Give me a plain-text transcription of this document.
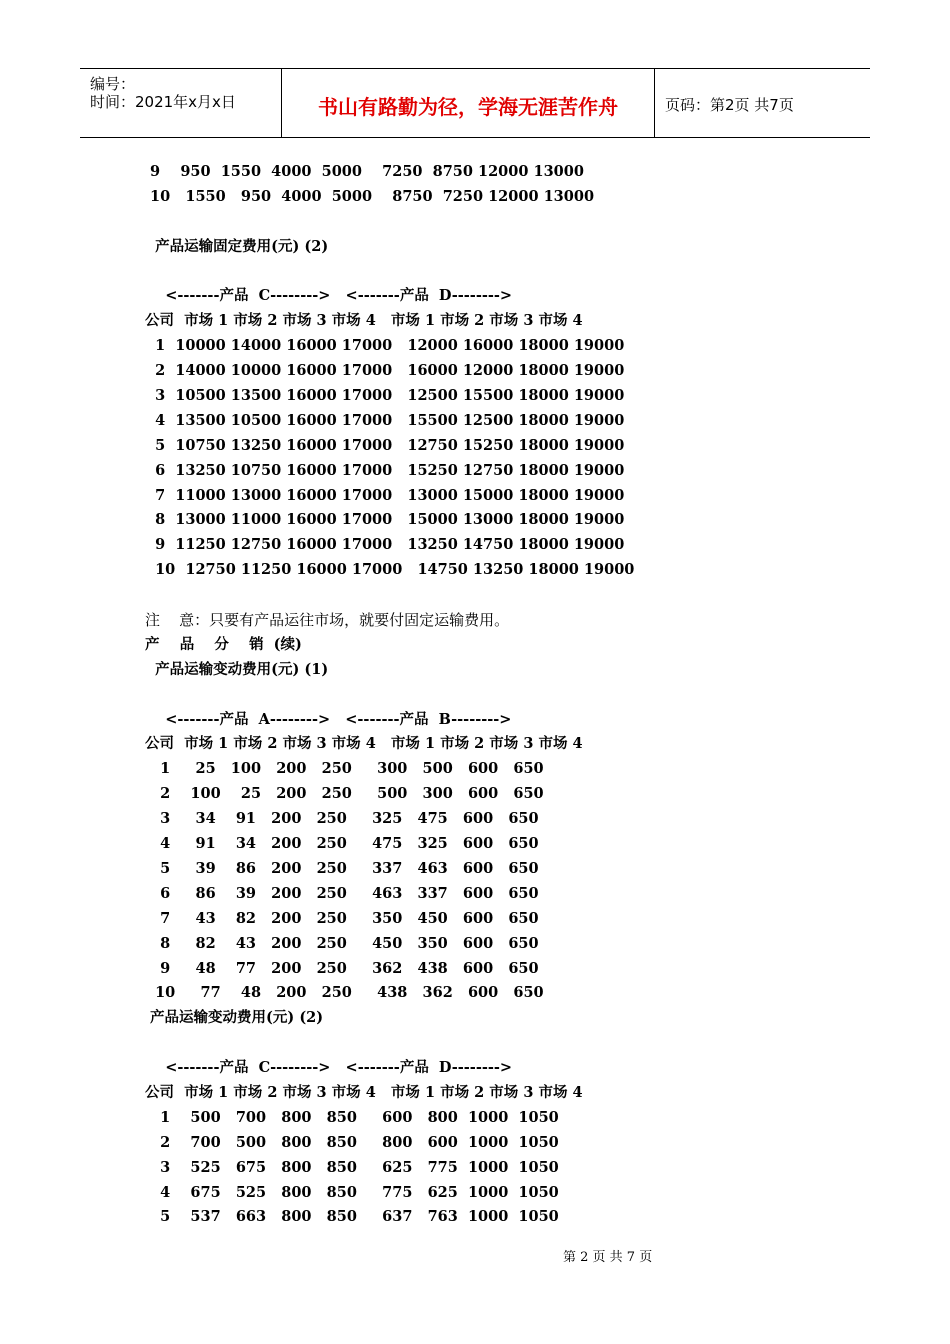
编号：
时间：2021年x月x日	书山有路勤为径，学海无涯苦作舟	页码：第2页 共7页
9    950  1550  4000  5000    7250  8750 12000 13000
10   1550   950  4000  5000    8750  7250 12000 13000
产品运输固定费用(元) (2)
<-------产品  C-------->   <-------产品  D-------->
公司  市场 1 市场 2 市场 3 市场 4   市场 1 市场 2 市场 3 市场 4
1  10000 14000 16000 17000   12000 16000 18000 19000
2  14000 10000 16000 17000   16000 12000 18000 19000
3  10500 13500 16000 17000   12500 15500 18000 19000
4  13500 10500 16000 17000   15500 12500 18000 19000
5  10750 13250 16000 17000   12750 15250 18000 19000
6  13250 10750 16000 17000   15250 12750 18000 19000
7  11000 13000 16000 17000   13000 15000 18000 19000
8  13000 11000 16000 17000   15000 13000 18000 19000
9  11250 12750 16000 17000   13250 14750 18000 19000
10  12750 11250 16000 17000   14750 13250 18000 19000
注    意：只要有产品运往市场，就要付固定运输费用。
产    品    分    销  (续)
产品运输变动费用(元) (1)
<-------产品  A-------->   <-------产品  B-------->
公司  市场 1 市场 2 市场 3 市场 4   市场 1 市场 2 市场 3 市场 4
1     25   100   200   250     300   500   600   650
2    100    25   200   250     500   300   600   650
3     34    91   200   250     325   475   600   650
4     91    34   200   250     475   325   600   650
5     39    86   200   250     337   463   600   650
6     86    39   200   250     463   337   600   650
7     43    82   200   250     350   450   600   650
8     82    43   200   250     450   350   600   650
9     48    77   200   250     362   438   600   650
10     77    48   200   250     438   362   600   650
产品运输变动费用(元) (2)
<-------产品  C-------->   <-------产品  D-------->
公司  市场 1 市场 2 市场 3 市场 4   市场 1 市场 2 市场 3 市场 4
1    500   700   800   850     600   800  1000  1050
2    700   500   800   850     800   600  1000  1050
3    525   675   800   850     625   775  1000  1050
4    675   525   800   850     775   625  1000  1050
5    537   663   800   850     637   763  1000  1050
第 2 页 共 7 页
